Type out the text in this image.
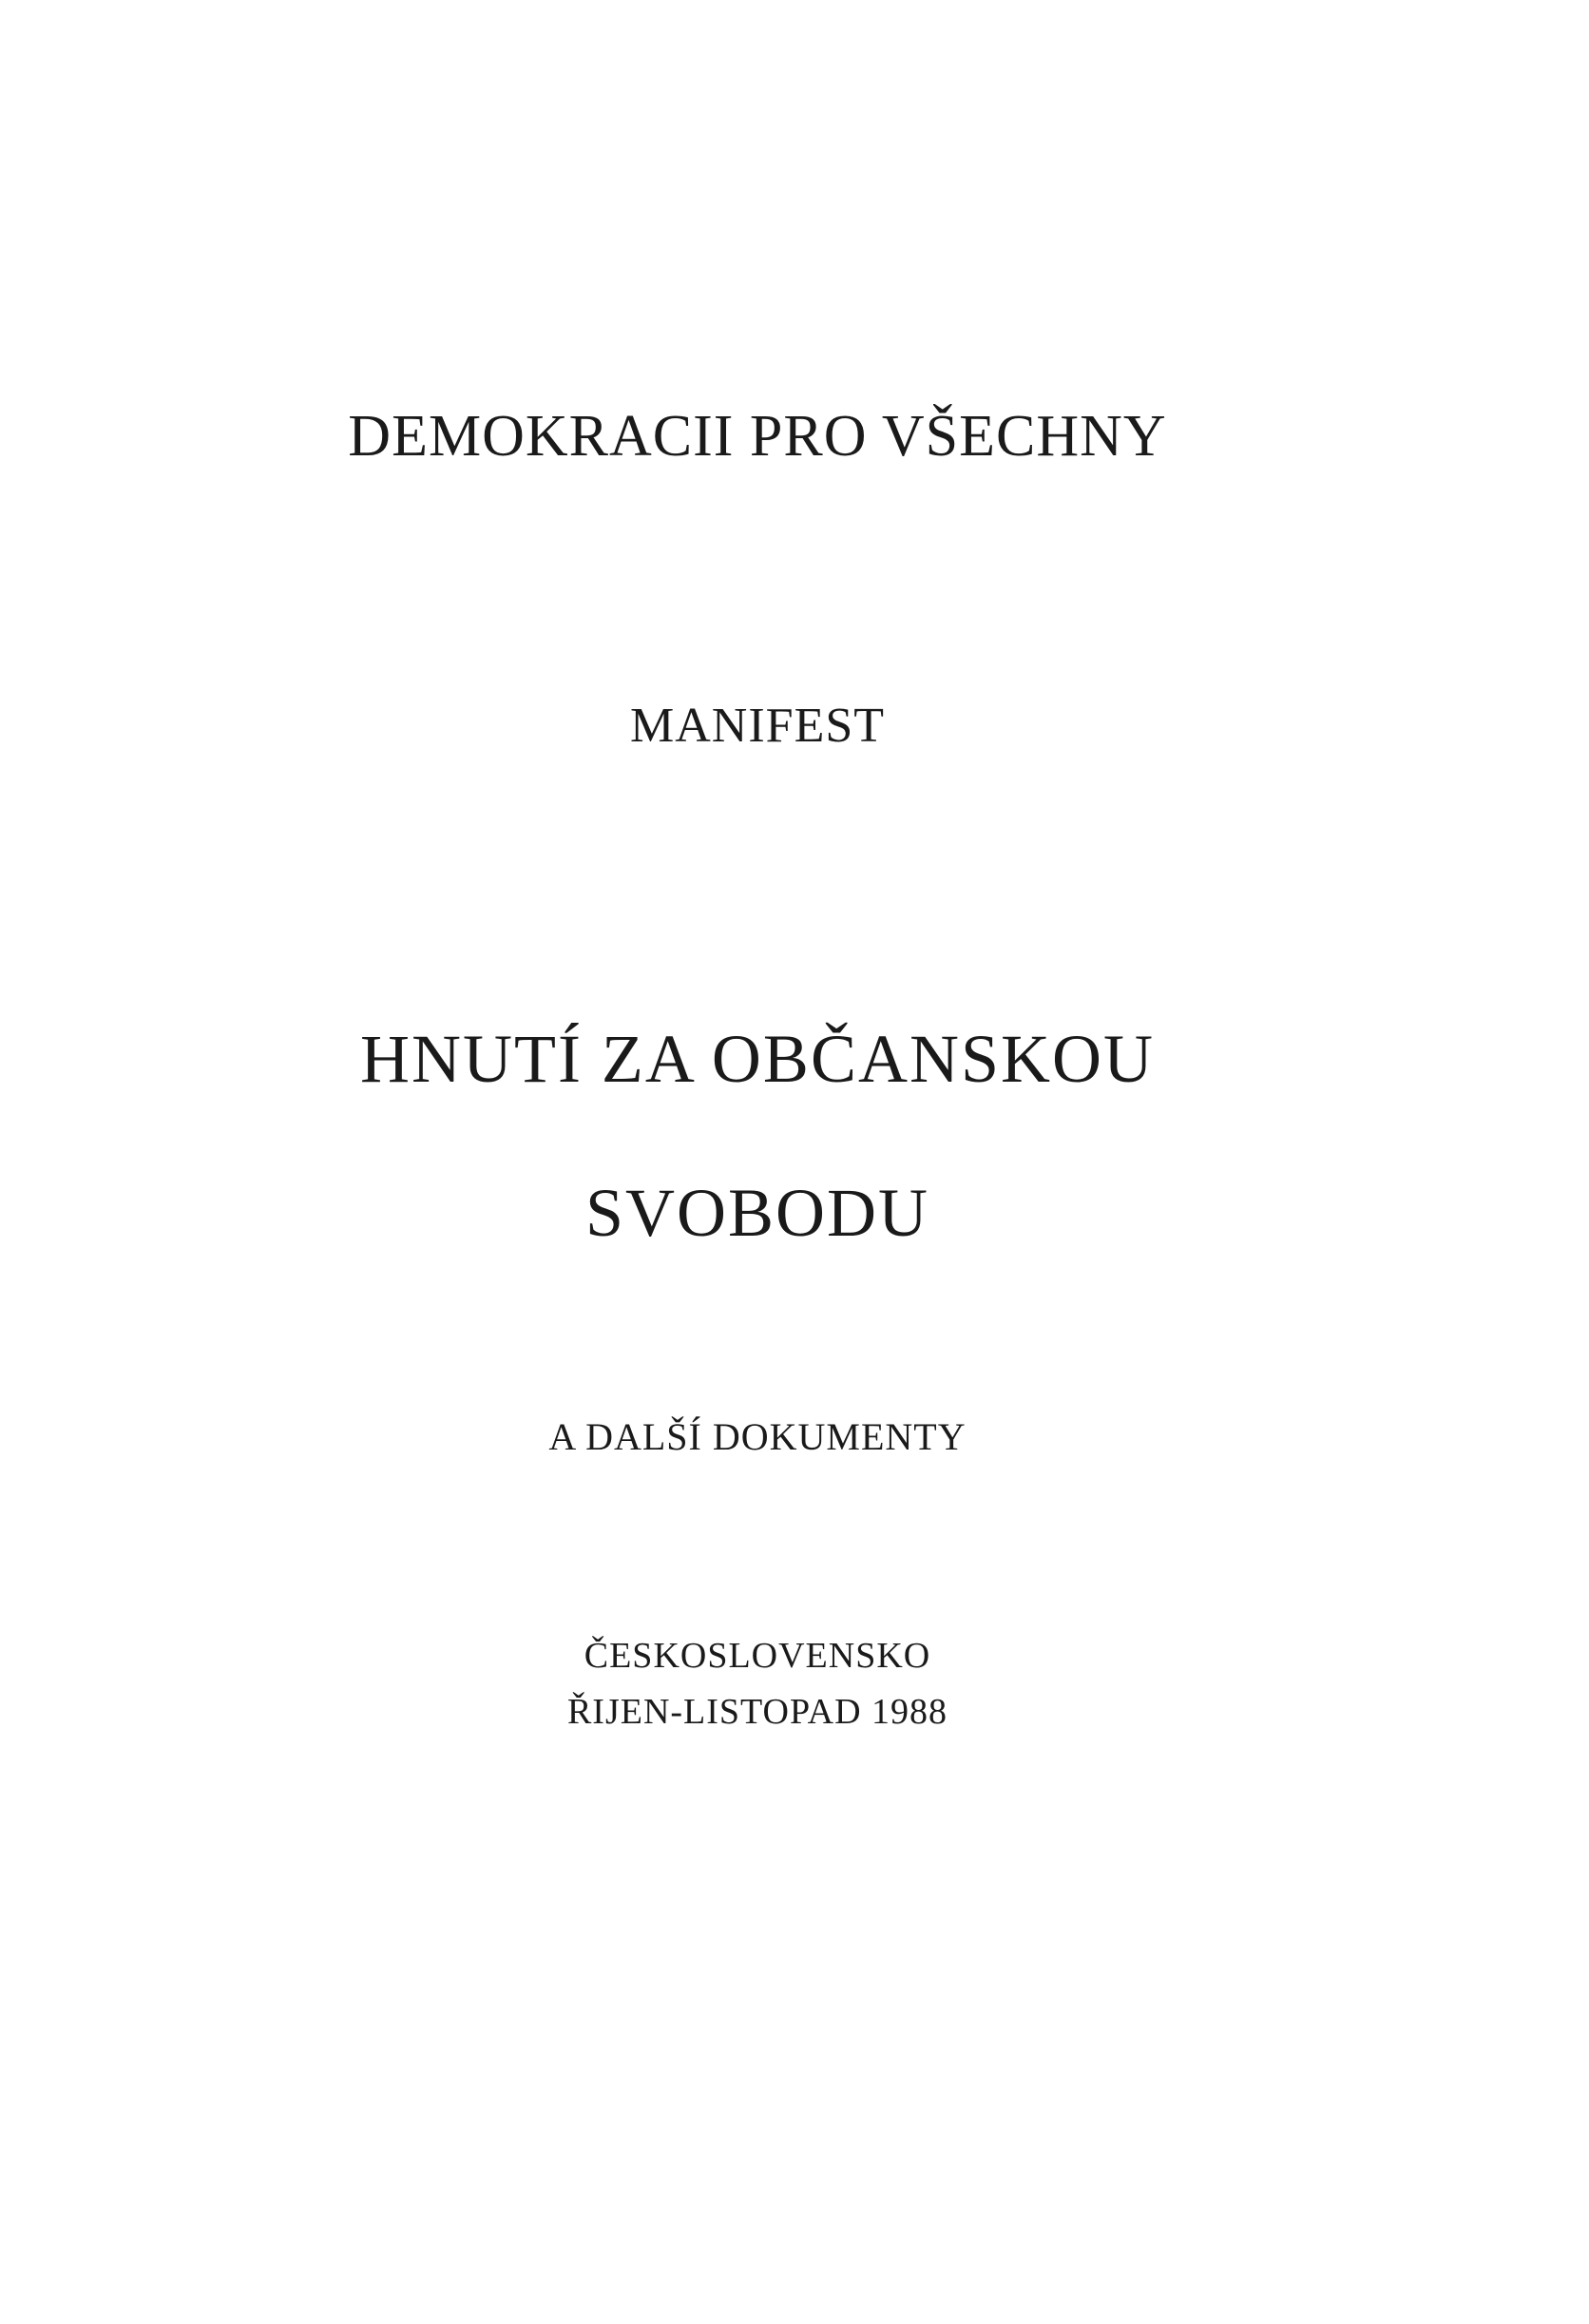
DEMOKRACII PRO VŠECHNY
MANIFEST
HNUTÍ ZA OBČANSKOU
SVOBODU
A DALŠÍ DOKUMENTY
ČESKOSLOVENSKO
ŘIJEN-LISTOPAD 1988
